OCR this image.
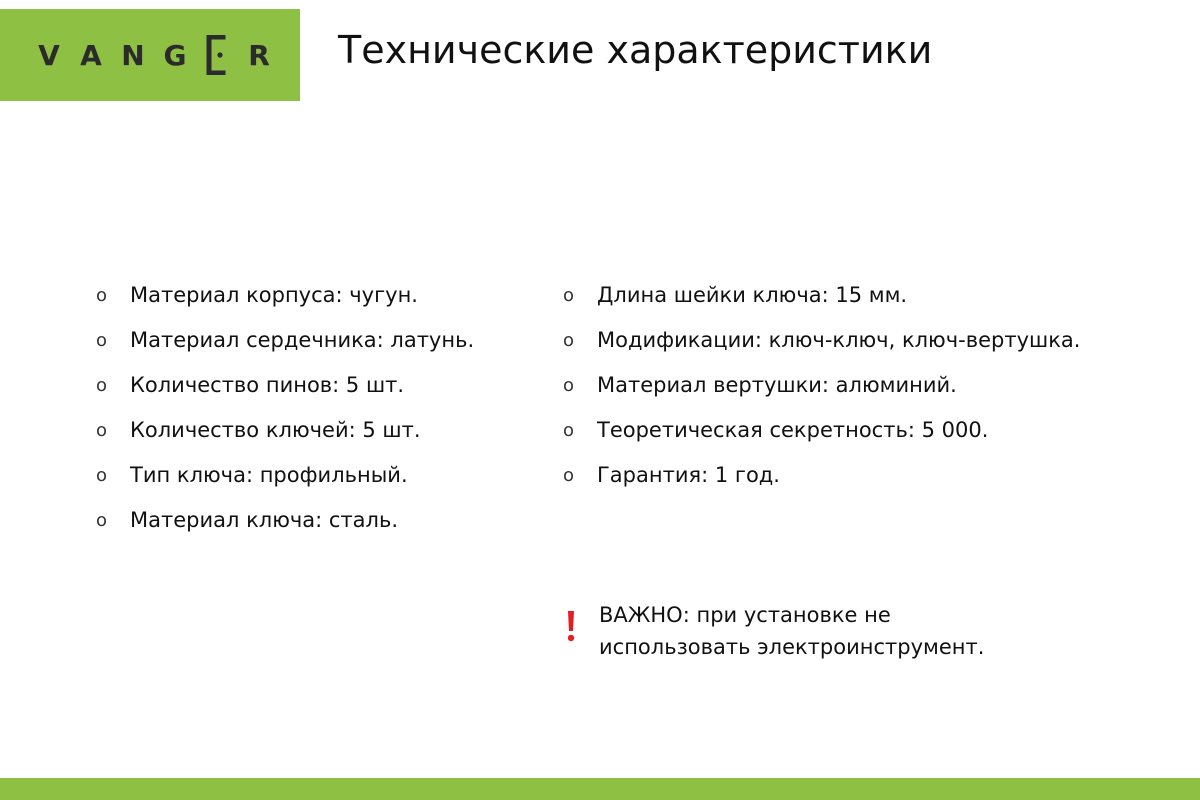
V A N G	R Технические характеристики
o	Материал корпуса: чугун.
o	Материал сердечника: латунь.
o	Количество пинов: 5 шт.
o	Количество ключей: 5 шт.
o	Тип ключа: профильный.
o	Материал ключа: сталь.
o	Длина шейки ключа: 15 мм.
o	Модификации: ключ-ключ, ключ-вертушка.
o	Материал вертушки: алюминий.
o	Теоретическая секретность: 5 000.
o	Гарантия: 1 год.
ВАЖНО: при установке не использовать электроинструмент.
